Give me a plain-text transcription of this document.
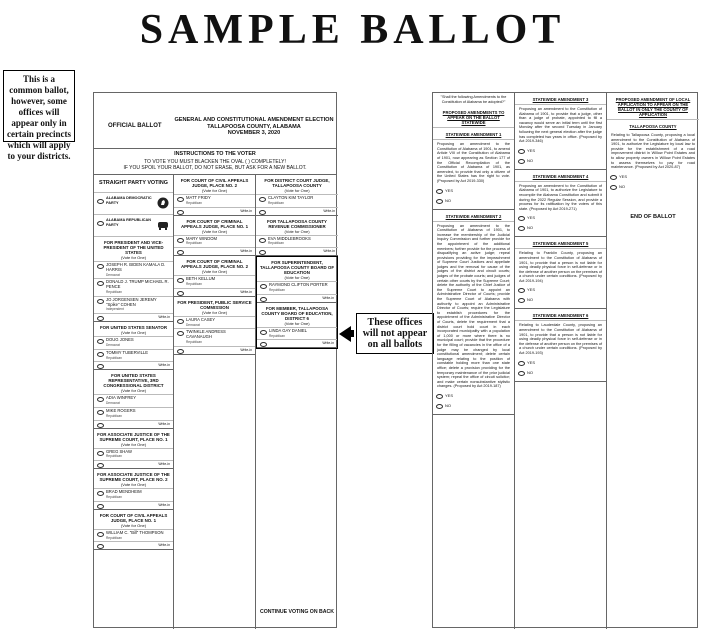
SAMPLE BALLOT
This is a common ballot, however, some offices will appear only in certain precincts which will apply to your districts.
These offices will not appear on all ballots
OFFICIAL BALLOT
GENERAL AND CONSTITUTIONAL AMENDMENT ELECTION
TALLAPOOSA COUNTY, ALABAMA
NOVEMBER 3, 2020
INSTRUCTIONS TO THE VOTER
TO VOTE YOU MUST BLACKEN THE OVAL ( ) COMPLETELY!
IF YOU SPOIL YOUR BALLOT, DO NOT ERASE, BUT ASK FOR A NEW BALLOT.
STRAIGHT PARTY VOTING
ALABAMA DEMOCRATIC PARTY
ALABAMA REPUBLICAN PARTY
FOR PRESIDENT AND VICE-PRESIDENT OF THE UNITED STATES
(Vote for One)
JOSEPH R. BIDEN KAMALA D. HARRIS
Democrat
DONALD J. TRUMP MICHAEL R. PENCE
Republican
JO JORGENSEN JEREMY "Spike" COHEN
Independent
Write-in
FOR UNITED STATES SENATOR
(Vote for One)
DOUG JONES
Democrat
TOMMY TUBERVILLE
Republican
Write-in
FOR UNITED STATES REPRESENTATIVE, 3RD CONGRESSIONAL DISTRICT
(Vote for One)
ADIA WINFREY
Democrat
MIKE ROGERS
Republican
Write-in
FOR ASSOCIATE JUSTICE OF THE SUPREME COURT, PLACE NO. 1
(Vote for One)
GREG SHAW
Republican
Write-in
FOR ASSOCIATE JUSTICE OF THE SUPREME COURT, PLACE NO. 2
(Vote for One)
BRAD MENDHEIM
Republican
Write-in
FOR COURT OF CIVIL APPEALS JUDGE, PLACE NO. 1
(Vote for One)
WILLIAM C. "Bill" THOMPSON
Republican
Write-in
FOR COURT OF CIVIL APPEALS JUDGE, PLACE NO. 2
(Vote for One)
MATT FRIDY
Republican
Write-in
FOR COURT OF CRIMINAL APPEALS JUDGE, PLACE NO. 1
(Vote for One)
MARY WINDOM
Republican
Write-in
FOR COURT OF CRIMINAL APPEALS JUDGE, PLACE NO. 2
(Vote for One)
BETH KELLUM
Republican
Write-in
FOR PRESIDENT, PUBLIC SERVICE COMMISSION
(Vote for One)
LAURA CASEY
Democrat
TWINKLE ANDRESS CAVANAUGH
Republican
Write-in
FOR DISTRICT COURT JUDGE, TALLAPOOSA COUNTY
(Vote for One)
CLAYTON KIM TAYLOR
Republican
Write-in
FOR TALLAPOOSA COUNTY REVENUE COMMISSIONER
(Vote for One)
EVA MIDDLEBROOKS
Republican
Write-in
FOR SUPERINTENDENT, TALLAPOOSA COUNTY BOARD OF EDUCATION
(Vote for One)
RAYMOND CLIFTON PORTER
Republican
Write-in
FOR MEMBER, TALLAPOOSA COUNTY BOARD OF EDUCATION, DISTRICT 6
(Vote for One)
LINDA GAY DANIEL
Republican
Write-in
CONTINUE VOTING ON BACK
"Shall the following Amendments to the Constitution of Alabama be adopted?"
PROPOSED AMENDMENTS TO APPEAR ON THE BALLOT STATEWIDE
STATEWIDE AMENDMENT 1
Proposing an amendment to the Constitution of Alabama of 1901, to amend Article VIII of the Constitution of Alabama of 1901, now appearing as Section 177 of the Official Recompilation of the Constitution of Alabama of 1901, as amended, to provide that only a citizen of the United States has the right to vote. (Proposed by Act 2019-330)
YES
NO
STATEWIDE AMENDMENT 2
Proposing an amendment to the Constitution of Alabama of 1901, to increase the membership of the Judicial Inquiry Commission and further provide for the appointment of the additional members; further provide for the process of disqualifying an active judge; repeal provisions providing for the impeachment of Supreme Court Justices and appellate judges and the removal for cause of the judges of the district and circuit courts; judges of the probate courts; and judges of certain other courts by the Supreme Court; delete the authority of the Chief Justice of the Supreme Court to appoint an Administrative Director of Courts; provide the Supreme Court of Alabama with authority to appoint an Administrative Director of Courts; require the Legislature to establish procedures for the appointment of the Administrative Director of Courts, delete the requirement that a district court hold court in each incorporated municipality with a population of 1,000 or more where there is no municipal court; provide that the procedure for the filling of vacancies in the office of a judge may be changed by local constitutional amendment; delete certain language relating to the position of constable holding more than one state office; delete a provision providing for the temporary maintenance of the prior judicial system; repeal the office of circuit solicitor; and make certain nonsubstantive stylistic changes. (Proposed by Act 2019-187)
YES
NO
STATEWIDE AMENDMENT 3
Proposing an amendment to the Constitution of Alabama of 1901, to provide that a judge, other than a judge of probate, appointed to fill a vacancy would serve an initial term until the first Monday after the second Tuesday in January following the next general election after the judge has completed two years in office. (Proposed by Act 2019-346)
YES
NO
STATEWIDE AMENDMENT 4
Proposing an amendment to the Constitution of Alabama of 1901, to authorize the Legislature to recompile the Alabama Constitution and submit it during the 2022 Regular Session, and provide a process for its ratification by the voters of this state. (Proposed by Act 2019-271)
YES
NO
STATEWIDE AMENDMENT 5
Relating to Franklin County, proposing an amendment to the Constitution of Alabama of 1901, to provide that a person is not liable for using deadly physical force in self-defense or in the defense of another person on the premises of a church under certain conditions. (Proposed by Act 2019-194)
YES
NO
STATEWIDE AMENDMENT 6
Relating to Lauderdale County, proposing an amendment to the Constitution of Alabama of 1901, to provide that a person is not liable for using deadly physical force in self-defense or in the defense of another person on the premises of a church under certain conditions. (Proposed by Act 2019-193)
YES
NO
PROPOSED AMENDMENT OF LOCAL APPLICATION TO APPEAR ON THE BALLOT IN ONLY THE COUNTY OF APPLICATION
TALLAPOOSA COUNTY
Relating to Tallapoosa County, proposing a local amendment to the Constitution of Alabama of 1901, to authorize the Legislature by local law to provide for the establishment of a road improvement district in Willow Point Estates and to allow property owners in Willow Point Estates to assess themselves to pay for road maintenance. (Proposed by Act 2020-87)
YES
NO
END OF BALLOT
